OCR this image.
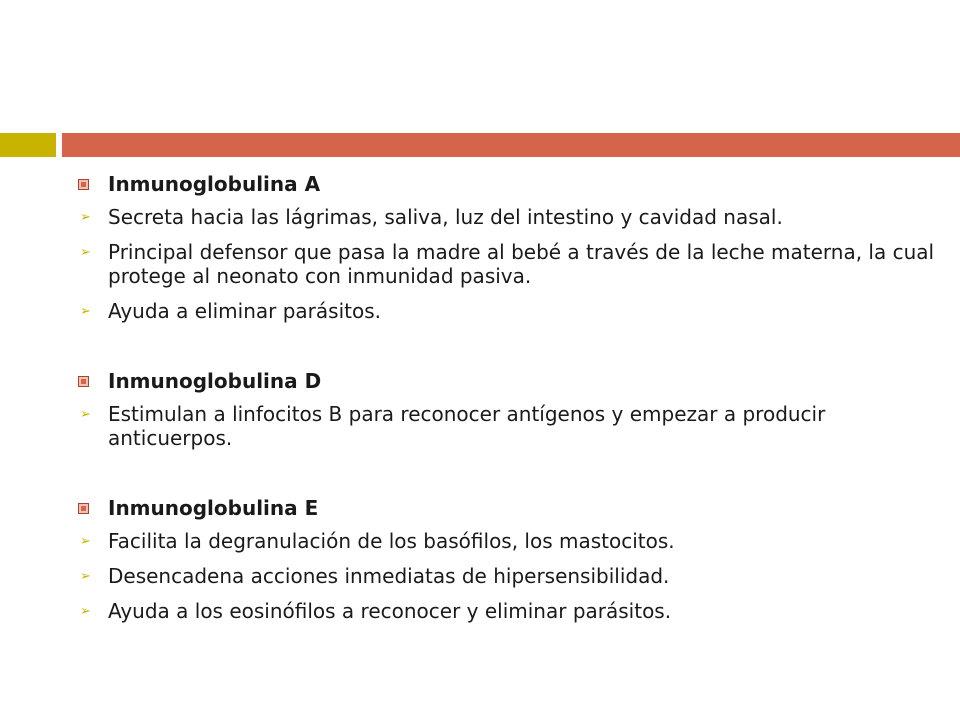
Inmunoglobulina A
➢ Secreta hacia las lágrimas, saliva, luz del intestino y cavidad nasal.
➢ Principal defensor que pasa la madre al bebé a través de la leche materna, la cual protege al neonato con inmunidad pasiva.
➢ Ayuda a eliminar parásitos.
Inmunoglobulina D
➢ Estimulan a linfocitos B para reconocer antígenos y empezar a producir anticuerpos.
Inmunoglobulina E
➢ Facilita la degranulación de los basófilos, los mastocitos.
➢ Desencadena acciones inmediatas de hipersensibilidad.
➢ Ayuda a los eosinófilos a reconocer y eliminar parásitos.
